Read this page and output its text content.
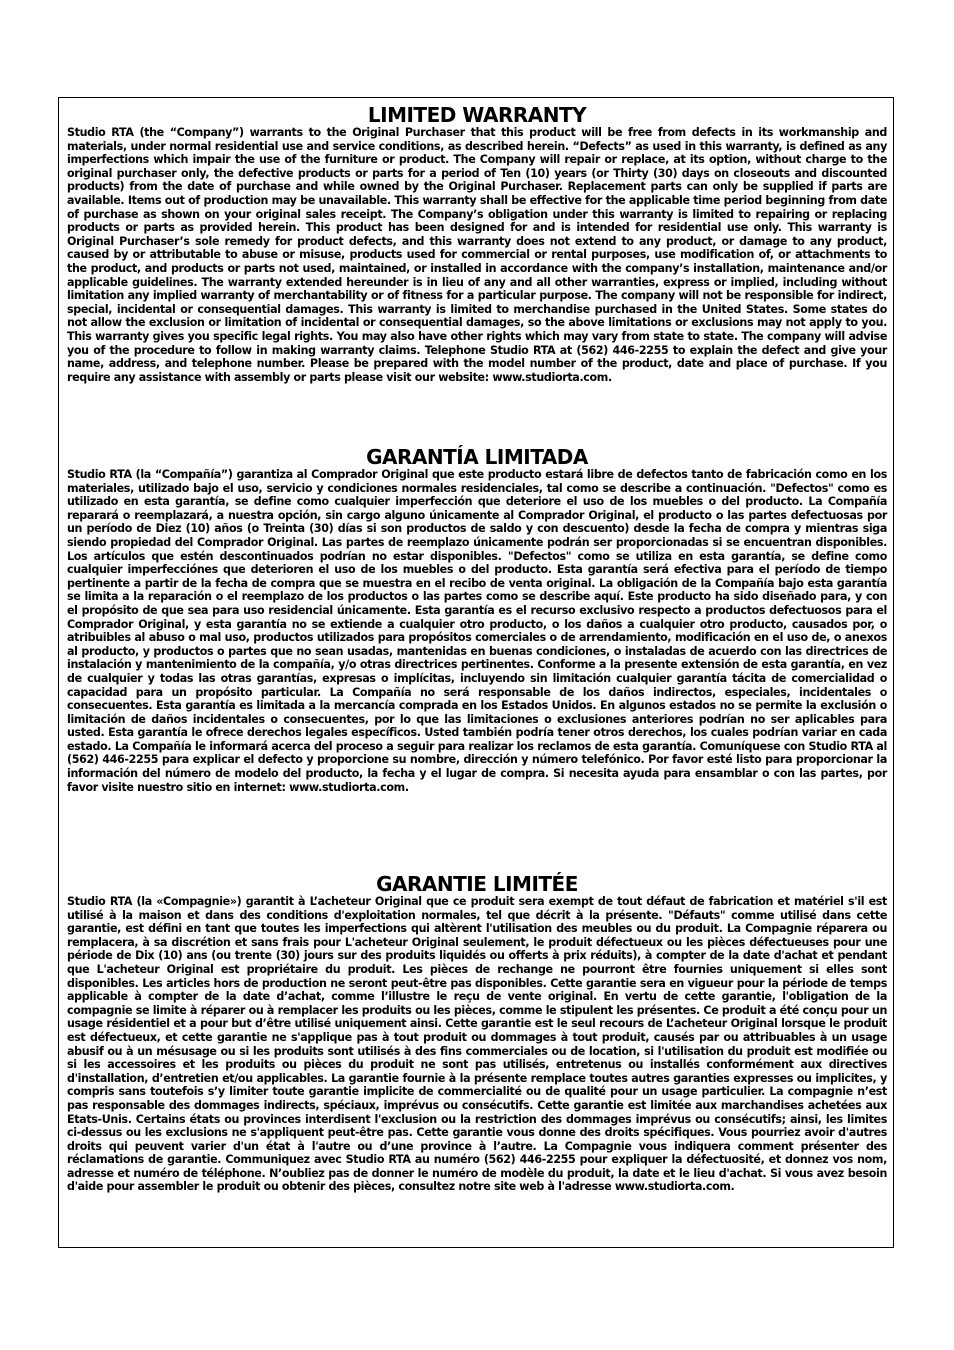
LIMITED WARRANTY

Studio RTA (the “Company”) warrants to the Original Purchaser that this product will be free from defects in its workmanship and materials, under normal residential use and service conditions, as described herein. “Defects” as used in this warranty, is defined as any imperfections which impair the use of the furniture or product. The Company will repair or replace, at its option, without charge to the original purchaser only, the defective products or parts for a period of Ten (10) years (or Thirty (30) days on closeouts and discounted products) from the date of purchase and while owned by the Original Purchaser. Replacement parts can only be supplied if parts are available. Items out of production may be unavailable. This warranty shall be effective for the applicable time period beginning from date of purchase as shown on your original sales receipt. The Company’s obligation under this warranty is limited to repairing or replacing products or parts as provided herein. This product has been designed for and is intended for residential use only. This warranty is Original Purchaser’s sole remedy for product defects, and this warranty does not extend to any product, or damage to any product, caused by or attributable to abuse or misuse, products used for commercial or rental purposes, use modification of, or attachments to the product, and products or parts not used, maintained, or installed in accordance with the company’s installation, maintenance and/or applicable guidelines. The warranty extended hereunder is in lieu of any and all other warranties, express or implied, including without limitation any implied warranty of merchantability or of fitness for a particular purpose. The company will not be responsible for indirect, special, incidental or consequential damages. This warranty is limited to merchandise purchased in the United States. Some states do not allow the exclusion or limitation of incidental or consequential damages, so the above limitations or exclusions may not apply to you. This warranty gives you specific legal rights. You may also have other rights which may vary from state to state. The company will advise you of the procedure to follow in making warranty claims. Telephone Studio RTA at (562) 446-2255 to explain the defect and give your name, address, and telephone number. Please be prepared with the model number of the product, date and place of purchase. If you require any assistance with assembly or parts please visit our website: www.studiorta.com.

GARANTÍA LIMITADA

Studio RTA (la “Compañía”) garantiza al Comprador Original que este producto estará libre de defectos tanto de fabricación como en los materiales, utilizado bajo el uso, servicio y condiciones normales residenciales, tal como se describe a continuación. "Defectos" como es utilizado en esta garantía, se define como cualquier imperfección que deteriore el uso de los muebles o del producto. La Compañía reparará o reemplazará, a nuestra opción, sin cargo alguno únicamente al Comprador Original, el producto o las partes defectuosas por un período de Diez (10) años (o Treinta (30) días si son productos de saldo y con descuento) desde la fecha de compra y mientras siga siendo propiedad del Comprador Original. Las partes de reemplazo únicamente podrán ser proporcionadas si se encuentran disponibles. Los artículos que estén descontinuados podrían no estar disponibles. "Defectos" como se utiliza en esta garantía, se define como cualquier imperfecciónes que deterioren el uso de los muebles o del producto. Esta garantía será efectiva para el período de tiempo pertinente a partir de la fecha de compra que se muestra en el recibo de venta original. La obligación de la Compañía bajo esta garantía se limita a la reparación o el reemplazo de los productos o las partes como se describe aquí. Este producto ha sido diseñado para, y con el propósito de que sea para uso residencial únicamente. Esta garantía es el recurso exclusivo respecto a productos defectuosos para el Comprador Original, y esta garantía no se extiende a cualquier otro producto, o los daños a cualquier otro producto, causados por, o atribuibles al abuso o mal uso, productos utilizados para propósitos comerciales o de arrendamiento, modificación en el uso de, o anexos al producto, y productos o partes que no sean usadas, mantenidas en buenas condiciones, o instaladas de acuerdo con las directrices de instalación y mantenimiento de la compañía, y/o otras directrices pertinentes. Conforme a la presente extensión de esta garantía, en vez de cualquier y todas las otras garantías, expresas o implícitas, incluyendo sin limitación cualquier garantía tácita de comercialidad o capacidad para un propósito particular. La Compañía no será responsable de los daños indirectos, especiales, incidentales o consecuentes. Esta garantía es limitada a la mercancía comprada en los Estados Unidos. En algunos estados no se permite la exclusión o limitación de daños incidentales o consecuentes, por lo que las limitaciones o exclusiones anteriores podrían no ser aplicables para usted. Esta garantía le ofrece derechos legales específicos. Usted también podría tener otros derechos, los cuales podrían variar en cada estado. La Compañía le informará acerca del proceso a seguir para realizar los reclamos de esta garantía. Comuníquese con Studio RTA al (562) 446-2255 para explicar el defecto y proporcione su nombre, dirección y número telefónico. Por favor esté listo para proporcionar la información del número de modelo del producto, la fecha y el lugar de compra. Si necesita ayuda para ensamblar o con las partes, por favor visite nuestro sitio en internet: www.studiorta.com.

GARANTIE LIMITÉE

Studio RTA (la «Compagnie») garantit à L’acheteur Original que ce produit sera exempt de tout défaut de fabrication et matériel s'il est utilisé à la maison et dans des conditions d'exploitation normales, tel que décrit à la présente. "Défauts" comme utilisé dans cette garantie, est défini en tant que toutes les imperfections qui altèrent l'utilisation des meubles ou du produit. La Compagnie réparera ou remplacera, à sa discrétion et sans frais pour L'acheteur Original seulement, le produit défectueux ou les pièces défectueuses pour une période de Dix (10) ans (ou trente (30) jours sur des produits liquidés ou offerts à prix réduits), à compter de la date d'achat et pendant que L'acheteur Original est propriétaire du produit. Les pièces de rechange ne pourront être fournies uniquement si elles sont disponibles. Les articles hors de production ne seront peut-être pas disponibles. Cette garantie sera en vigueur pour la période de temps applicable à compter de la date d’achat, comme l’illustre le reçu de vente original. En vertu de cette garantie, l'obligation de la compagnie se limite à réparer ou à remplacer les produits ou les pièces, comme le stipulent les présentes. Ce produit a été conçu pour un usage résidentiel et a pour but d’être utilisé uniquement ainsi. Cette garantie est le seul recours de L’acheteur Original lorsque le produit est défectueux, et cette garantie ne s'applique pas à tout produit ou dommages à tout produit, causés par ou attribuables à un usage abusif ou à un mésusage ou si les produits sont utilisés à des fins commerciales ou de location, si l'utilisation du produit est modifiée ou si les accessoires et les produits ou pièces du produit ne sont pas utilisés, entretenus ou installés conformément aux directives d'installation, d’entretien et/ou applicables. La garantie fournie à la présente remplace toutes autres garanties expresses ou implicites, y compris sans toutefois s’y limiter toute garantie implicite de commercialité ou de qualité pour un usage particulier. La compagnie n’est pas responsable des dommages indirects, spéciaux, imprévus ou consécutifs. Cette garantie est limitée aux marchandises achetées aux Etats-Unis. Certains états ou provinces interdisent l'exclusion ou la restriction des dommages imprévus ou consécutifs; ainsi, les limites ci-dessus ou les exclusions ne s'appliquent peut-être pas. Cette garantie vous donne des droits spécifiques. Vous pourriez avoir d'autres droits qui peuvent varier d'un état à l'autre ou d’une province à l’autre. La Compagnie vous indiquera comment présenter des réclamations de garantie. Communiquez avec Studio RTA au numéro (562) 446-2255 pour expliquer la défectuosité, et donnez vos nom, adresse et numéro de téléphone. N’oubliez pas de donner le numéro de modèle du produit, la date et le lieu d'achat. Si vous avez besoin d'aide pour assembler le produit ou obtenir des pièces, consultez notre site web à l'adresse www.studiorta.com.
